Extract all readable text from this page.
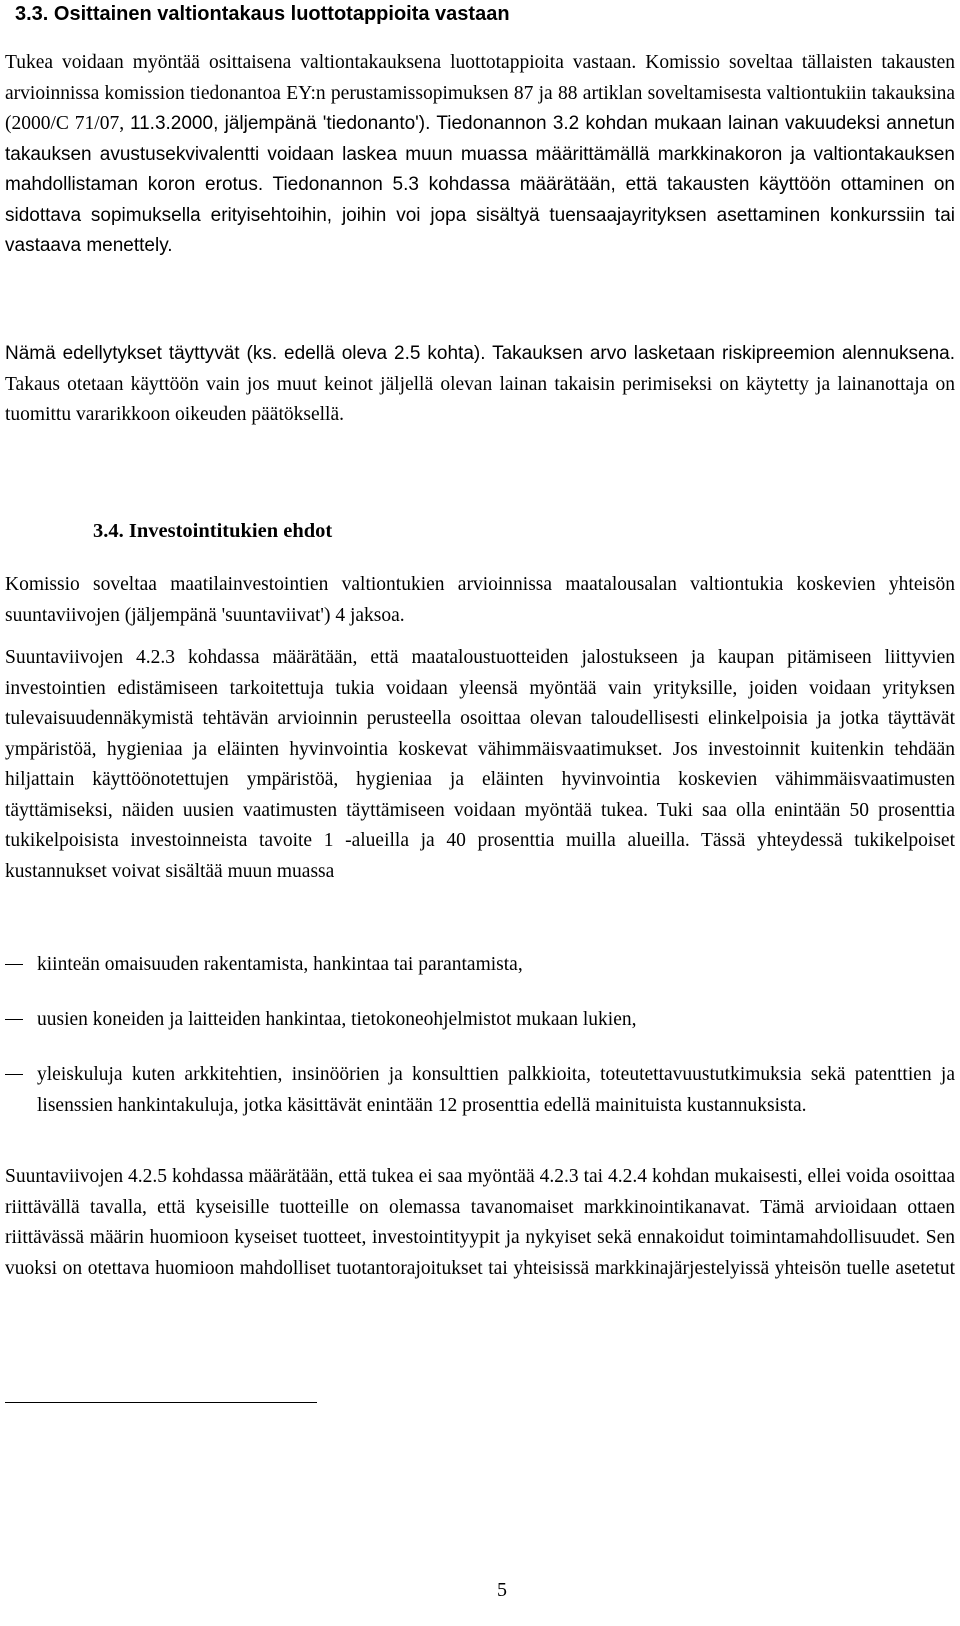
3.3. Osittainen valtiontakaus luottotappioita vastaan

Tukea voidaan myöntää osittaisena valtiontakauksena luottotappioita vastaan. Komissio soveltaa tällaisten takausten arvioinnissa komission tiedonantoa EY:n perustamissopimuksen 87 ja 88 artiklan soveltamisesta valtiontukiin takauksina (2000/C 71/07, 11.3.2000, jäljempänä 'tiedonanto'). Tiedonannon 3.2 kohdan mukaan lainan vakuudeksi annetun takauksen avustusekvivalentti voidaan laskea muun muassa määrittämällä markkinakoron ja valtiontakauksen mahdollistaman koron erotus. Tiedonannon 5.3 kohdassa määrätään, että takausten käyttöön ottaminen on sidottava sopimuksella erityisehtoihin, joihin voi jopa sisältyä tuensaajayrityksen asettaminen konkurssiin tai vastaava menettely.

Nämä edellytykset täyttyvät (ks. edellä oleva 2.5 kohta). Takauksen arvo lasketaan riskipreemion alennuksena. Takaus otetaan käyttöön vain jos muut keinot jäljellä olevan lainan takaisin perimiseksi on käytetty ja lainanottaja on tuomittu vararikkoon oikeuden päätöksellä.

3.4. Investointitukien ehdot

Komissio soveltaa maatilainvestointien valtiontukien arvioinnissa maatalousalan valtiontukia koskevien yhteisön suuntaviivojen (jäljempänä 'suuntaviivat') 4 jaksoa.

Suuntaviivojen 4.2.3 kohdassa määrätään, että maataloustuotteiden jalostukseen ja kaupan pitämiseen liittyvien investointien edistämiseen tarkoitettuja tukia voidaan yleensä myöntää vain yrityksille, joiden voidaan yrityksen tulevaisuudennäkymistä tehtävän arvioinnin perusteella osoittaa olevan taloudellisesti elinkelpoisia ja jotka täyttävät ympäristöä, hygieniaa ja eläinten hyvinvointia koskevat vähimmäisvaatimukset. Jos investoinnit kuitenkin tehdään hiljattain käyttöönotettujen ympäristöä, hygieniaa ja eläinten hyvinvointia koskevien vähimmäisvaatimusten täyttämiseksi, näiden uusien vaatimusten täyttämiseen voidaan myöntää tukea. Tuki saa olla enintään 50 prosenttia tukikelpoisista investoinneista tavoite 1 -alueilla ja 40 prosenttia muilla alueilla. Tässä yhteydessä tukikelpoiset kustannukset voivat sisältää muun muassa

kiinteän omaisuuden rakentamista, hankintaa tai parantamista,
uusien koneiden ja laitteiden hankintaa, tietokoneohjelmistot mukaan lukien,
yleiskuluja kuten arkkitehtien, insinöörien ja konsulttien palkkioita, toteutettavuustutkimuksia sekä patenttien ja lisenssien hankintakuluja, jotka käsittävät enintään 12 prosenttia edellä mainituista kustannuksista.

Suuntaviivojen 4.2.5 kohdassa määrätään, että tukea ei saa myöntää 4.2.3 tai 4.2.4 kohdan mukaisesti, ellei voida osoittaa riittävällä tavalla, että kyseisille tuotteille on olemassa tavanomaiset markkinointikanavat. Tämä arvioidaan ottaen riittävässä määrin huomioon kyseiset tuotteet, investointityypit ja nykyiset sekä ennakoidut toimintamahdollisuudet. Sen vuoksi on otettava huomioon mahdolliset tuotantorajoitukset tai yhteisissä markkinajärjestelyissä yhteisön tuelle asetetut

5
